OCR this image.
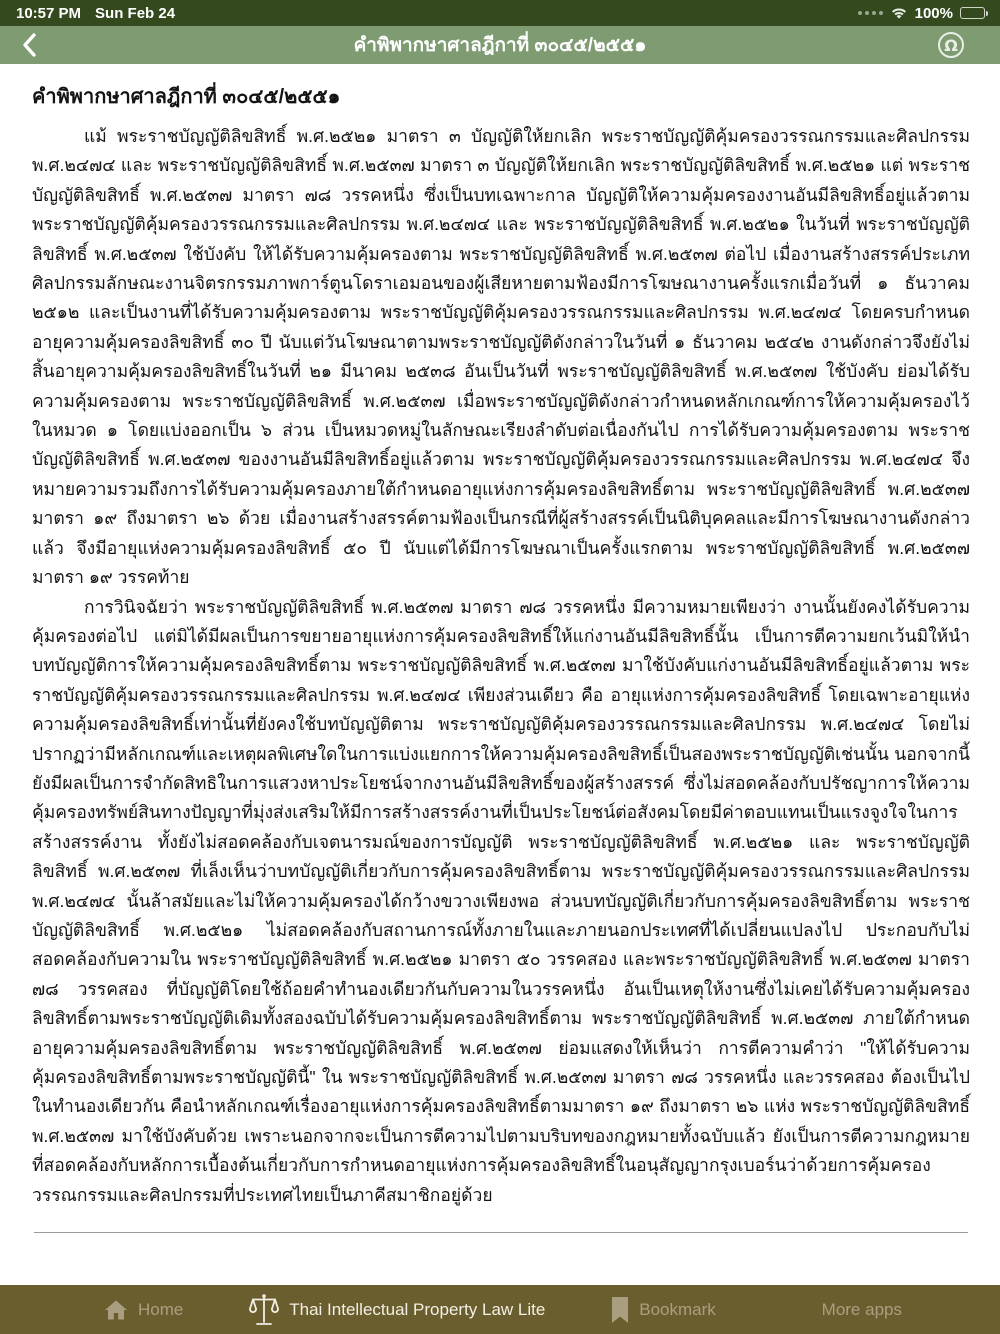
10:57 PM Sun Feb 24	100%
คำพิพากษาศาลฎีกาที่ ๓๐๔๕/๒๕๕๑	Ω
คำพิพากษาศาลฎีกาที่ ๓๐๔๕/๒๕๕๑

แม้ พระราชบัญญัติลิขสิทธิ์ พ.ศ.๒๕๒๑ มาตรา ๓ บัญญัติให้ยกเลิก พระราชบัญญัติคุ้มครองวรรณกรรมและศิลปกรรม พ.ศ.๒๔๗๔ และ พระราชบัญญัติลิขสิทธิ์ พ.ศ.๒๕๓๗ มาตรา ๓ บัญญัติให้ยกเลิก พระราชบัญญัติลิขสิทธิ์ พ.ศ.๒๕๒๑ แต่ พระราชบัญญัติลิขสิทธิ์ พ.ศ.๒๕๓๗ มาตรา ๗๘ วรรคหนึ่ง ซึ่งเป็นบทเฉพาะกาล บัญญัติให้ความคุ้มครองงานอันมีลิขสิทธิ์อยู่แล้วตาม พระราชบัญญัติคุ้มครองวรรณกรรมและศิลปกรรม พ.ศ.๒๔๗๔ และ พระราชบัญญัติลิขสิทธิ์ พ.ศ.๒๕๒๑ ในวันที่ พระราชบัญญัติลิขสิทธิ์ พ.ศ.๒๕๓๗ ใช้บังคับ ให้ได้รับความคุ้มครองตาม พระราชบัญญัติลิขสิทธิ์ พ.ศ.๒๕๓๗ ต่อไป เมื่องานสร้างสรรค์ประเภทศิลปกรรมลักษณะงานจิตรกรรมภาพการ์ตูนโดราเอมอนของผู้เสียหายตามฟ้องมีการโฆษณางานครั้งแรกเมื่อวันที่ ๑ ธันวาคม ๒๕๑๒ และเป็นงานที่ได้รับความคุ้มครองตาม พระราชบัญญัติคุ้มครองวรรณกรรมและศิลปกรรม พ.ศ.๒๔๗๔ โดยครบกำหนดอายุความคุ้มครองลิขสิทธิ์ ๓๐ ปี นับแต่วันโฆษณาตามพระราชบัญญัติดังกล่าวในวันที่ ๑ ธันวาคม ๒๕๔๒ งานดังกล่าวจึงยังไม่สิ้นอายุความคุ้มครองลิขสิทธิ์ในวันที่ ๒๑ มีนาคม ๒๕๓๘ อันเป็นวันที่ พระราชบัญญัติลิขสิทธิ์ พ.ศ.๒๕๓๗ ใช้บังคับ ย่อมได้รับความคุ้มครองตาม พระราชบัญญัติลิขสิทธิ์ พ.ศ.๒๕๓๗ เมื่อพระราชบัญญัติดังกล่าวกำหนดหลักเกณฑ์การให้ความคุ้มครองไว้ในหมวด ๑ โดยแบ่งออกเป็น ๖ ส่วน เป็นหมวดหมู่ในลักษณะเรียงลำดับต่อเนื่องกันไป การได้รับความคุ้มครองตาม พระราชบัญญัติลิขสิทธิ์ พ.ศ.๒๕๓๗ ของงานอันมีลิขสิทธิ์อยู่แล้วตาม พระราชบัญญัติคุ้มครองวรรณกรรมและศิลปกรรม พ.ศ.๒๔๗๔ จึงหมายความรวมถึงการได้รับความคุ้มครองภายใต้กำหนดอายุแห่งการคุ้มครองลิขสิทธิ์ตาม พระราชบัญญัติลิขสิทธิ์ พ.ศ.๒๕๓๗ มาตรา ๑๙ ถึงมาตรา ๒๖ ด้วย เมื่องานสร้างสรรค์ตามฟ้องเป็นกรณีที่ผู้สร้างสรรค์เป็นนิติบุคคลและมีการโฆษณางานดังกล่าวแล้ว จึงมีอายุแห่งความคุ้มครองลิขสิทธิ์ ๕๐ ปี นับแต่ได้มีการโฆษณาเป็นครั้งแรกตาม พระราชบัญญัติลิขสิทธิ์ พ.ศ.๒๕๓๗ มาตรา ๑๙ วรรคท้าย

การวินิจฉัยว่า พระราชบัญญัติลิขสิทธิ์ พ.ศ.๒๕๓๗ มาตรา ๗๘ วรรคหนึ่ง มีความหมายเพียงว่า งานนั้นยังคงได้รับความคุ้มครองต่อไป แต่มิได้มีผลเป็นการขยายอายุแห่งการคุ้มครองลิขสิทธิ์ให้แก่งานอันมีลิขสิทธิ์นั้น เป็นการตีความยกเว้นมิให้นำบทบัญญัติการให้ความคุ้มครองลิขสิทธิ์ตาม พระราชบัญญัติลิขสิทธิ์ พ.ศ.๒๕๓๗ มาใช้บังคับแก่งานอันมีลิขสิทธิ์อยู่แล้วตาม พระราชบัญญัติคุ้มครองวรรณกรรมและศิลปกรรม พ.ศ.๒๔๗๔ เพียงส่วนเดียว คือ อายุแห่งการคุ้มครองลิขสิทธิ์ โดยเฉพาะอายุแห่งความคุ้มครองลิขสิทธิ์เท่านั้นที่ยังคงใช้บทบัญญัติตาม พระราชบัญญัติคุ้มครองวรรณกรรมและศิลปกรรม พ.ศ.๒๔๗๔ โดยไม่ปรากฏว่ามีหลักเกณฑ์และเหตุผลพิเศษใดในการแบ่งแยกการให้ความคุ้มครองลิขสิทธิ์เป็นสองพระราชบัญญัติเช่นนั้น นอกจากนี้ยังมีผลเป็นการจำกัดสิทธิในการแสวงหาประโยชน์จากงานอันมีลิขสิทธิ์ของผู้สร้างสรรค์ ซึ่งไม่สอดคล้องกับปรัชญาการให้ความคุ้มครองทรัพย์สินทางปัญญาที่มุ่งส่งเสริมให้มีการสร้างสรรค์งานที่เป็นประโยชน์ต่อสังคมโดยมีค่าตอบแทนเป็นแรงจูงใจในการสร้างสรรค์งาน ทั้งยังไม่สอดคล้องกับเจตนารมณ์ของการบัญญัติ พระราชบัญญัติลิขสิทธิ์ พ.ศ.๒๕๒๑ และ พระราชบัญญัติลิขสิทธิ์ พ.ศ.๒๕๓๗ ที่เล็งเห็นว่าบทบัญญัติเกี่ยวกับการคุ้มครองลิขสิทธิ์ตาม พระราชบัญญัติคุ้มครองวรรณกรรมและศิลปกรรม พ.ศ.๒๔๗๔ นั้นล้าสมัยและไม่ให้ความคุ้มครองได้กว้างขวางเพียงพอ ส่วนบทบัญญัติเกี่ยวกับการคุ้มครองลิขสิทธิ์ตาม พระราชบัญญัติลิขสิทธิ์ พ.ศ.๒๕๒๑ ไม่สอดคล้องกับสถานการณ์ทั้งภายในและภายนอกประเทศที่ได้เปลี่ยนแปลงไป ประกอบกับไม่สอดคล้องกับความใน พระราชบัญญัติลิขสิทธิ์ พ.ศ.๒๕๒๑ มาตรา ๕๐ วรรคสอง และพระราชบัญญัติลิขสิทธิ์ พ.ศ.๒๕๓๗ มาตรา ๗๘ วรรคสอง ที่บัญญัติโดยใช้ถ้อยคำทำนองเดียวกันกับความในวรรคหนึ่ง อันเป็นเหตุให้งานซึ่งไม่เคยได้รับความคุ้มครองลิขสิทธิ์ตามพระราชบัญญัติเดิมทั้งสองฉบับได้รับความคุ้มครองลิขสิทธิ์ตาม พระราชบัญญัติลิขสิทธิ์ พ.ศ.๒๕๓๗ ภายใต้กำหนดอายุความคุ้มครองลิขสิทธิ์ตาม พระราชบัญญัติลิขสิทธิ์ พ.ศ.๒๕๓๗ ย่อมแสดงให้เห็นว่า การตีความคำว่า "ให้ได้รับความคุ้มครองลิขสิทธิ์ตามพระราชบัญญัตินี้" ใน พระราชบัญญัติลิขสิทธิ์ พ.ศ.๒๕๓๗ มาตรา ๗๘ วรรคหนึ่ง และวรรคสอง ต้องเป็นไปในทำนองเดียวกัน คือนำหลักเกณฑ์เรื่องอายุแห่งการคุ้มครองลิขสิทธิ์ตามมาตรา ๑๙ ถึงมาตรา ๒๖ แห่ง พระราชบัญญัติลิขสิทธิ์ พ.ศ.๒๕๓๗ มาใช้บังคับด้วย เพราะนอกจากจะเป็นการตีความไปตามบริบทของกฎหมายทั้งฉบับแล้ว ยังเป็นการตีความกฎหมายที่สอดคล้องกับหลักการเบื้องต้นเกี่ยวกับการกำหนดอายุแห่งการคุ้มครองลิขสิทธิ์ในอนุสัญญากรุงเบอร์นว่าด้วยการคุ้มครองวรรณกรรมและศิลปกรรมที่ประเทศไทยเป็นภาคีสมาชิกอยู่ด้วย

Home	Thai Intellectual Property Law Lite	Bookmark	More apps
